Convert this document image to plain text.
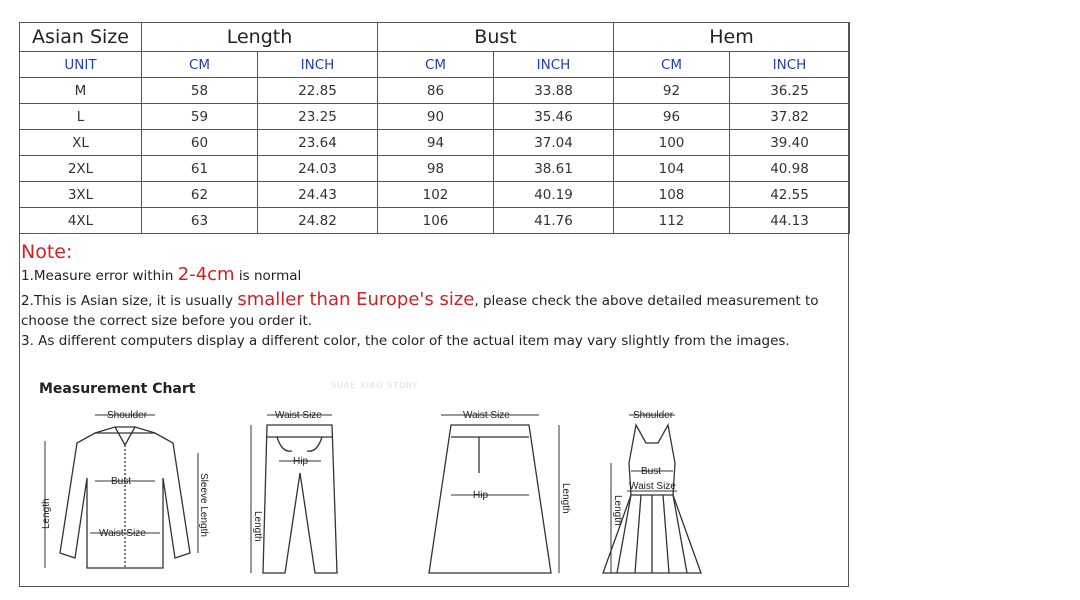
Asian Size	Length		Bust		Hem	
UNIT	CM	INCH	CM	INCH	CM	INCH
M	58	22.85	86	33.88	92	36.25
L	59	23.25	90	35.46	96	37.82
XL	60	23.64	94	37.04	100	39.40
2XL	61	24.03	98	38.61	104	40.98
3XL	62	24.43	102	40.19	108	42.55
4XL	63	24.82	106	41.76	112	44.13
Note:
1.Measure error within 2-4cm is normal
2.This is Asian size, it is usually smaller than Europe's size, please check the above detailed measurement to choose the correct size before you order it.
3. As different computers display a different color, the color of the actual item may vary slightly from the images.
Measurement Chart	SURE XIAO STORY
Shoulder
Bust
Waist Size
Length	Sleeve Length
Waist Size
Hip
Length
Waist Size
Hip	Length
Shoulder
Bust
Waist Size
Length
